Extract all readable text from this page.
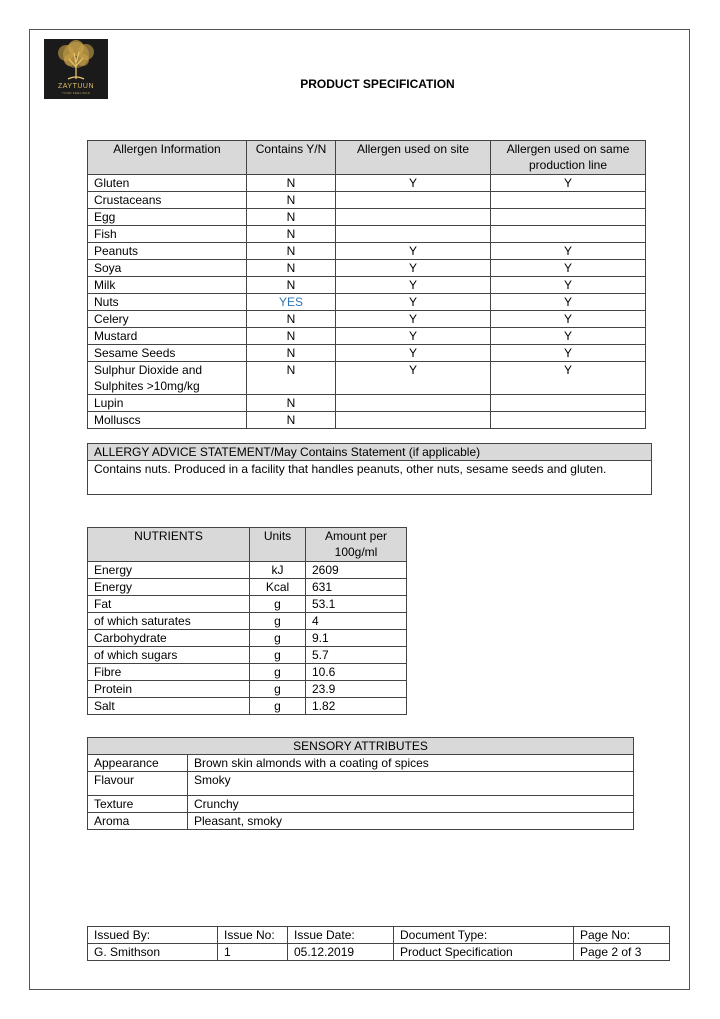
ZAYTUUN
YOUR FEELINGS
PRODUCT SPECIFICATION
Allergen Information	Contains Y/N	Allergen used on site	Allergen used on same production line
Gluten	N	Y	Y
Crustaceans	N		
Egg	N		
Fish	N		
Peanuts	N	Y	Y
Soya	N	Y	Y
Milk	N	Y	Y
Nuts	YES	Y	Y
Celery	N	Y	Y
Mustard	N	Y	Y
Sesame Seeds	N	Y	Y
Sulphur Dioxide and Sulphites >10mg/kg	N	Y	Y
Lupin	N		
Molluscs	N		
ALLERGY ADVICE STATEMENT/May Contains Statement (if applicable)
Contains nuts. Produced in a facility that handles peanuts, other nuts, sesame seeds and gluten.
NUTRIENTS	Units	Amount per 100g/ml
Energy	kJ	2609
Energy	Kcal	631
Fat	g	53.1
of which saturates	g	4
Carbohydrate	g	9.1
of which sugars	g	5.7
Fibre	g	10.6
Protein	g	23.9
Salt	g	1.82
SENSORY ATTRIBUTES	
Appearance	Brown skin almonds with a coating of spices
Flavour	Smoky
Texture	Crunchy
Aroma	Pleasant, smoky
Issued By:	Issue No:	Issue Date:	Document Type:	Page No:
G. Smithson	1	05.12.2019	Product Specification	Page 2 of 3
